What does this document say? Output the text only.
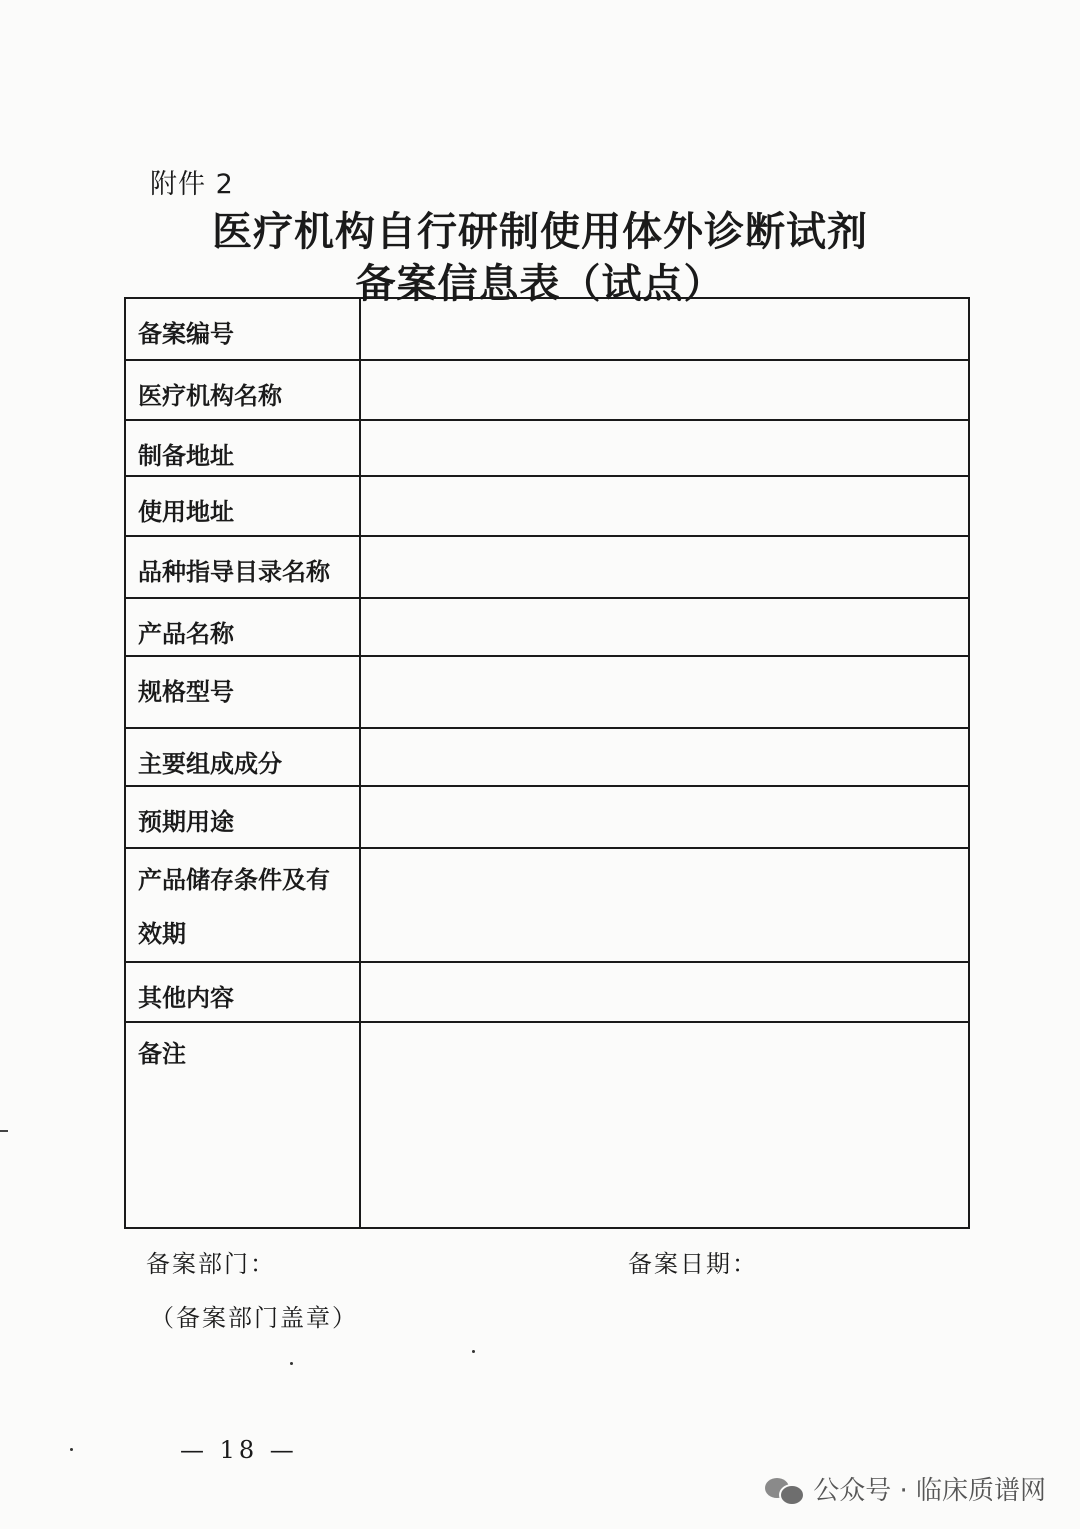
附件 2
医疗机构自行研制使用体外诊断试剂
备案信息表（试点）
备案编号	
医疗机构名称	
制备地址	
使用地址	
品种指导目录名称	
产品名称	
规格型号	
主要组成成分	
预期用途	

产品储存条件及有
效期	

其他内容	
备注	
备案部门：	备案日期：
（备案部门盖章）
— 18 —
公众号 · 临床质谱网
